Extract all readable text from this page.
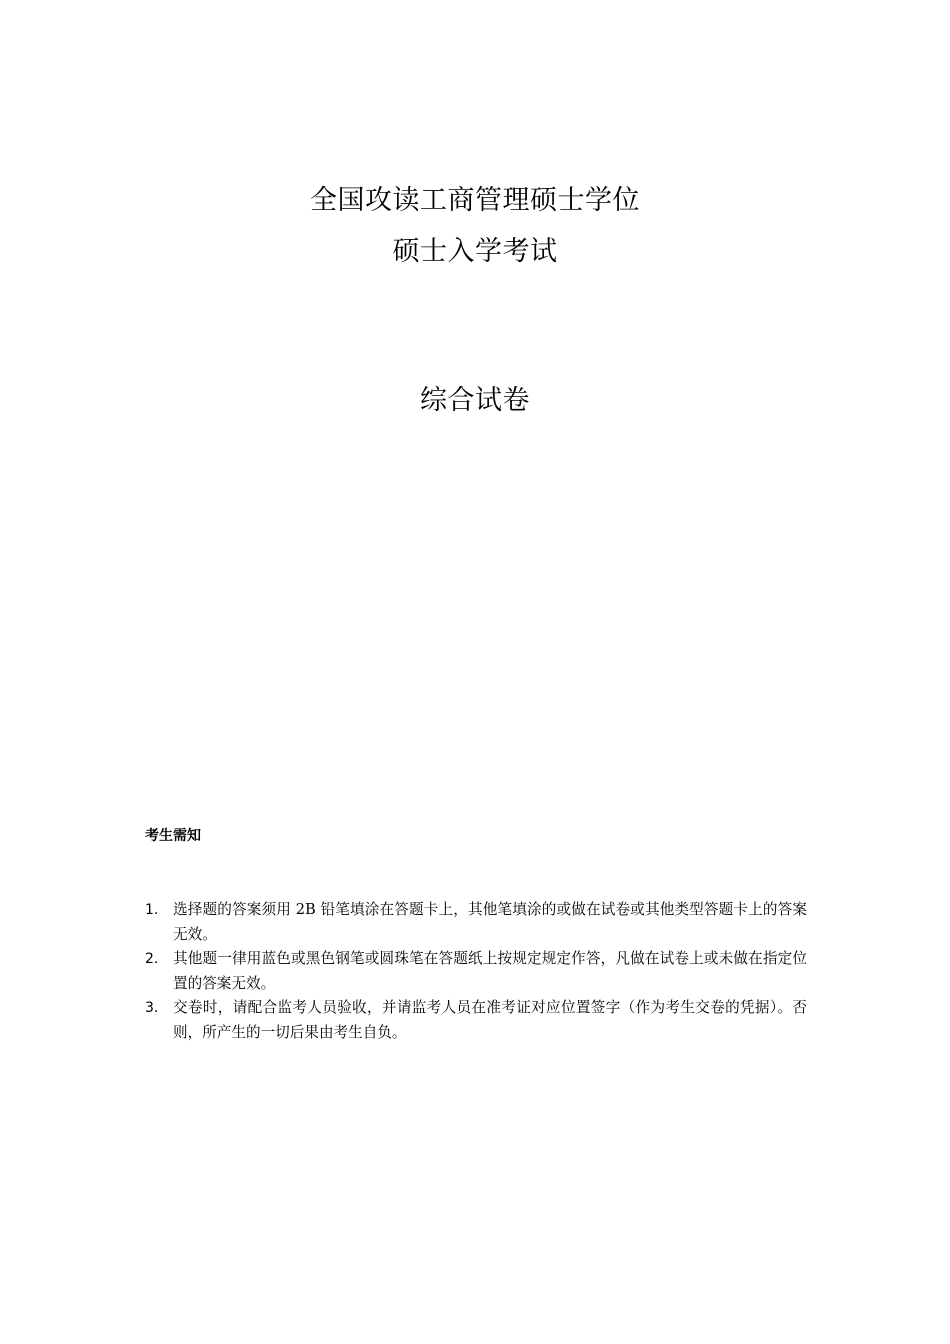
全国攻读工商管理硕士学位
硕士入学考试
综合试卷
考生需知
1. 选择题的答案须用 2B 铅笔填涂在答题卡上，其他笔填涂的或做在试卷或其他类型答题卡上的答案无效。
2. 其他题一律用蓝色或黑色钢笔或圆珠笔在答题纸上按规定规定作答，凡做在试卷上或未做在指定位置的答案无效。
3. 交卷时，请配合监考人员验收，并请监考人员在准考证对应位置签字（作为考生交卷的凭据）。否则，所产生的一切后果由考生自负。
